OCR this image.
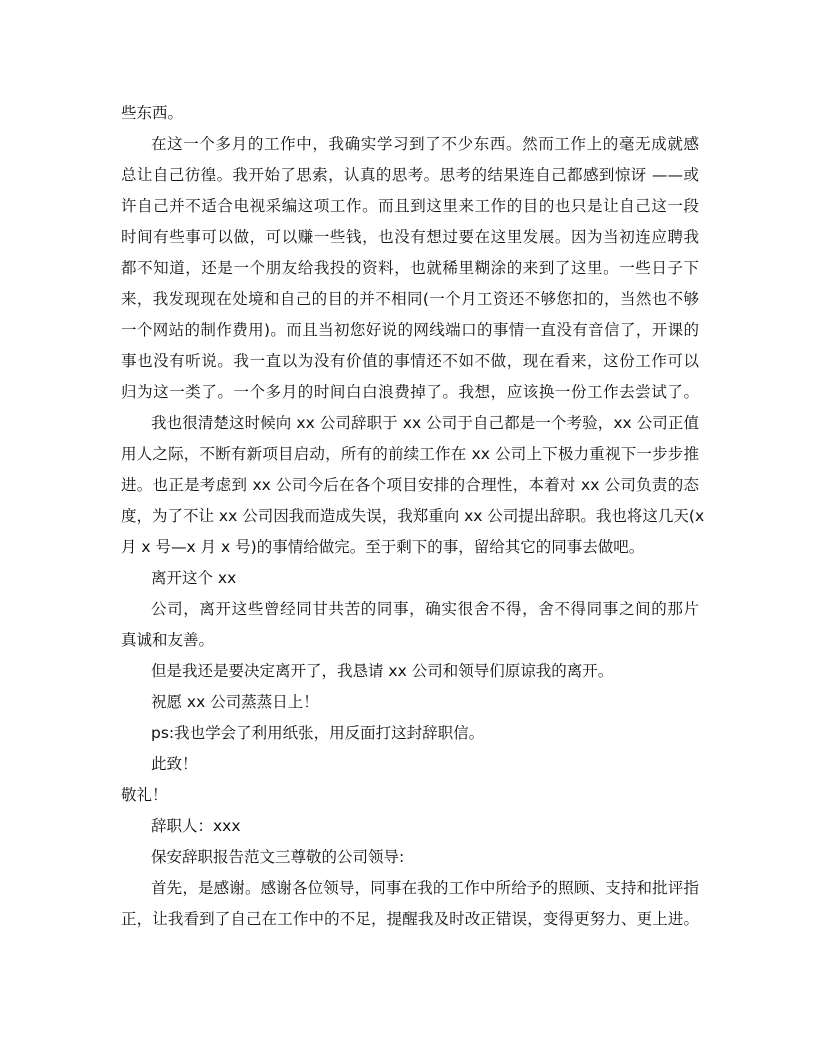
些东西。
在这一个多月的工作中，我确实学习到了不少东西。然而工作上的毫无成就感
总让自己彷徨。我开始了思索，认真的思考。思考的结果连自己都感到惊讶 ——或
许自己并不适合电视采编这项工作。而且到这里来工作的目的也只是让自己这一段
时间有些事可以做，可以赚一些钱，也没有想过要在这里发展。因为当初连应聘我
都不知道，还是一个朋友给我投的资料，也就稀里糊涂的来到了这里。一些日子下
来，我发现现在处境和自己的目的并不相同(一个月工资还不够您扣的，当然也不够
一个网站的制作费用)。而且当初您好说的网线端口的事情一直没有音信了，开课的
事也没有听说。我一直以为没有价值的事情还不如不做，现在看来，这份工作可以
归为这一类了。一个多月的时间白白浪费掉了。我想，应该换一份工作去尝试了。
我也很清楚这时候向 xx 公司辞职于 xx 公司于自己都是一个考验，xx 公司正值
用人之际，不断有新项目启动，所有的前续工作在 xx 公司上下极力重视下一步步推
进。也正是考虑到 xx 公司今后在各个项目安排的合理性，本着对 xx 公司负责的态
度，为了不让 xx 公司因我而造成失误，我郑重向 xx 公司提出辞职。我也将这几天(x
月 x 号—x 月 x 号)的事情给做完。至于剩下的事，留给其它的同事去做吧。
离开这个 xx
公司，离开这些曾经同甘共苦的同事，确实很舍不得，舍不得同事之间的那片
真诚和友善。
但是我还是要决定离开了，我恳请 xx 公司和领导们原谅我的离开。
祝愿 xx 公司蒸蒸日上！
ps:我也学会了利用纸张，用反面打这封辞职信。
此致！
敬礼！
辞职人：xxx
保安辞职报告范文三尊敬的公司领导:
首先，是感谢。感谢各位领导，同事在我的工作中所给予的照顾、支持和批评指
正，让我看到了自己在工作中的不足，提醒我及时改正错误，变得更努力、更上进。
